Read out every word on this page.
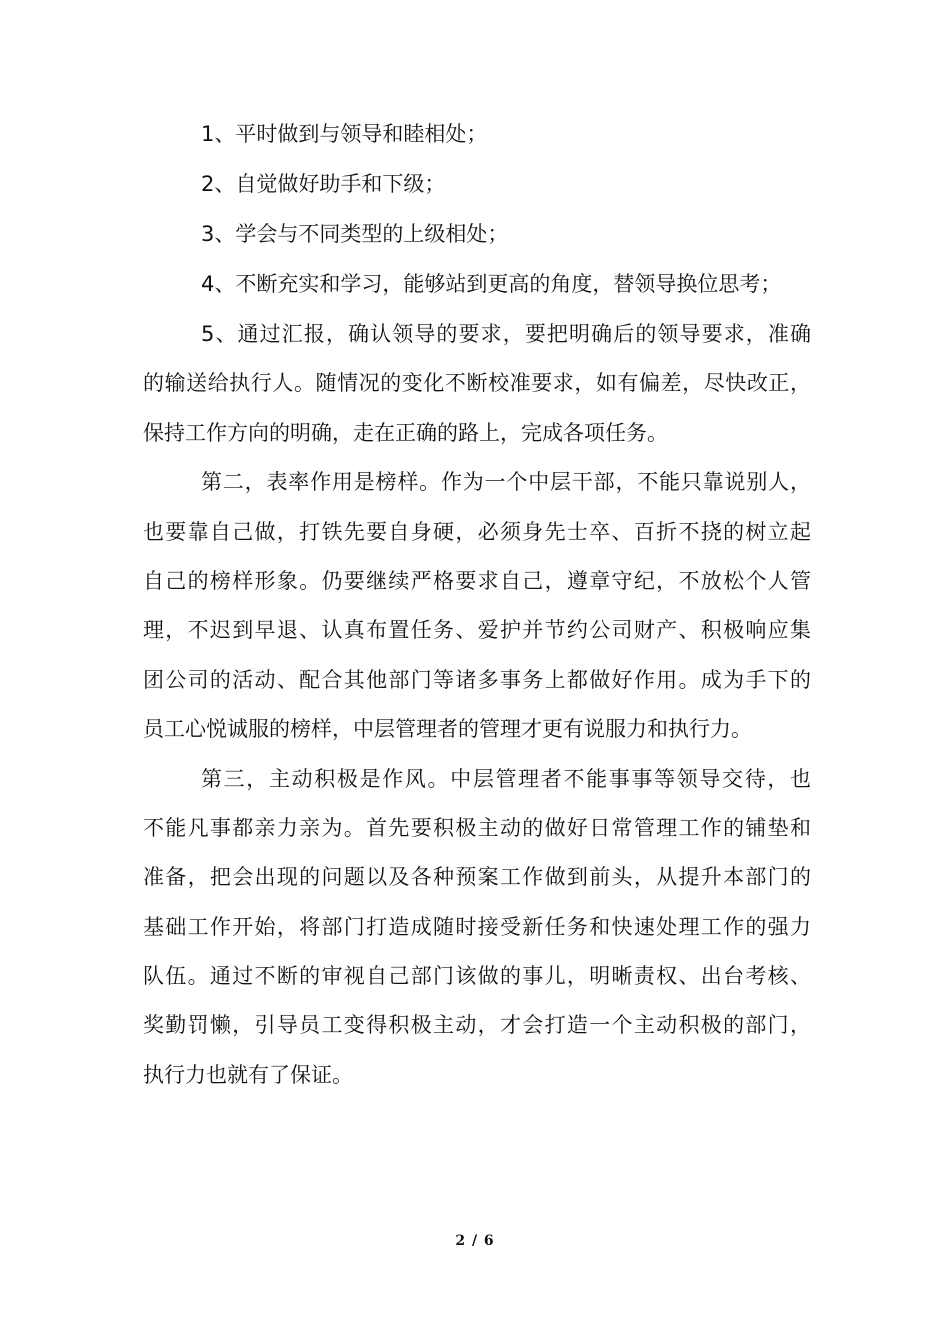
1、平时做到与领导和睦相处；
2、自觉做好助手和下级；
3、学会与不同类型的上级相处；
4、不断充实和学习，能够站到更高的角度，替领导换位思考；
5、通过汇报，确认领导的要求，要把明确后的领导要求，准确
的输送给执行人。随情况的变化不断校准要求，如有偏差，尽快改正，
保持工作方向的明确，走在正确的路上，完成各项任务。
第二，表率作用是榜样。作为一个中层干部，不能只靠说别人，
也要靠自己做，打铁先要自身硬，必须身先士卒、百折不挠的树立起
自己的榜样形象。仍要继续严格要求自己，遵章守纪，不放松个人管
理，不迟到早退、认真布置任务、爱护并节约公司财产、积极响应集
团公司的活动、配合其他部门等诸多事务上都做好作用。成为手下的
员工心悦诚服的榜样，中层管理者的管理才更有说服力和执行力。
第三，主动积极是作风。中层管理者不能事事等领导交待，也
不能凡事都亲力亲为。首先要积极主动的做好日常管理工作的铺垫和
准备，把会出现的问题以及各种预案工作做到前头，从提升本部门的
基础工作开始，将部门打造成随时接受新任务和快速处理工作的强力
队伍。通过不断的审视自己部门该做的事儿，明晰责权、出台考核、
奖勤罚懒，引导员工变得积极主动，才会打造一个主动积极的部门，
执行力也就有了保证。
2 / 6
